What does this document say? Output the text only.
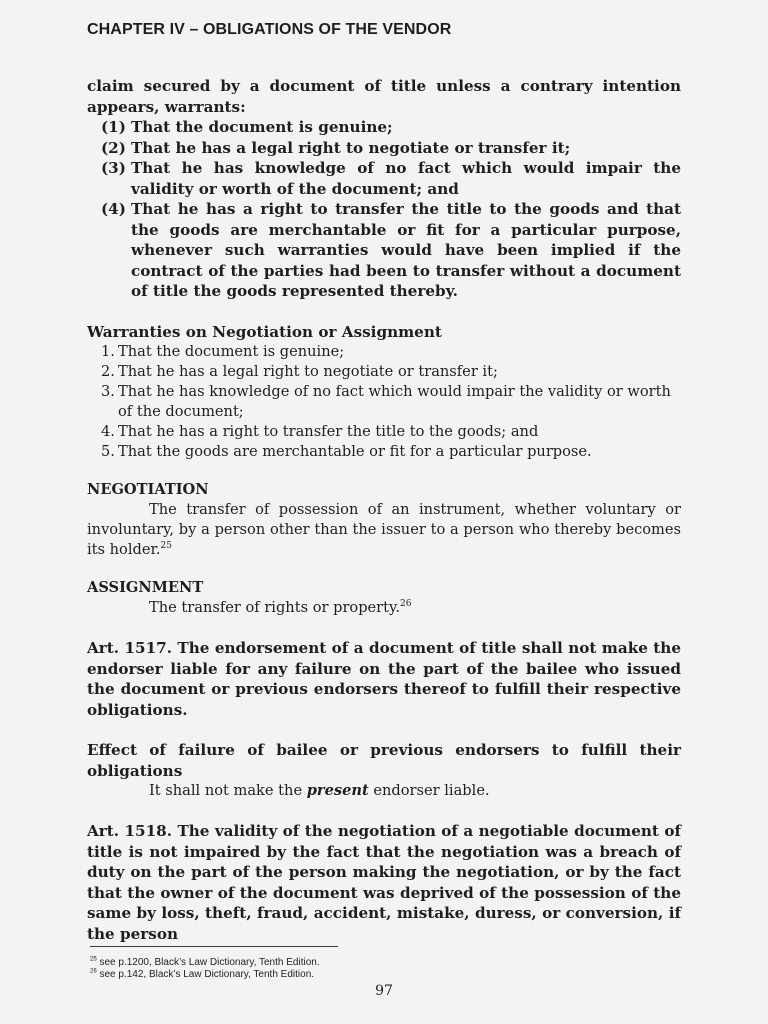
CHAPTER IV – OBLIGATIONS OF THE VENDOR

claim secured by a document of title unless a contrary intention appears, warrants:

(1) That the document is genuine;
(2) That he has a legal right to negotiate or transfer it;
(3) That he has knowledge of no fact which would impair the validity or worth of the document; and
(4) That he has a right to transfer the title to the goods and that the goods are merchantable or fit for a particular purpose, whenever such warranties would have been implied if the contract of the parties had been to transfer without a document of title the goods represented thereby.

Warranties on Negotiation or Assignment

1. That the document is genuine;
2. That he has a legal right to negotiate or transfer it;
3. That he has knowledge of no fact which would impair the validity or worth of the document;
4. That he has a right to transfer the title to the goods; and
5. That the goods are merchantable or fit for a particular purpose.

NEGOTIATION

The transfer of possession of an instrument, whether voluntary or involuntary, by a person other than the issuer to a person who thereby becomes its holder.$^{25}$

ASSIGNMENT

The transfer of rights or property.$^{26}$

Art. 1517. The endorsement of a document of title shall not make the endorser liable for any failure on the part of the bailee who issued the document or previous endorsers thereof to fulfill their respective obligations.

Effect of failure of bailee or previous endorsers to fulfill their obligations

It shall not make the present endorser liable.

Art. 1518. The validity of the negotiation of a negotiable document of title is not impaired by the fact that the negotiation was a breach of duty on the part of the person making the negotiation, or by the fact that the owner of the document was deprived of the possession of the same by loss, theft, fraud, accident, mistake, duress, or conversion, if the person

$^{25}$ see p.1200, Black’s Law Dictionary, Tenth Edition.
$^{26}$ see p.142, Black’s Law Dictionary, Tenth Edition.
97
